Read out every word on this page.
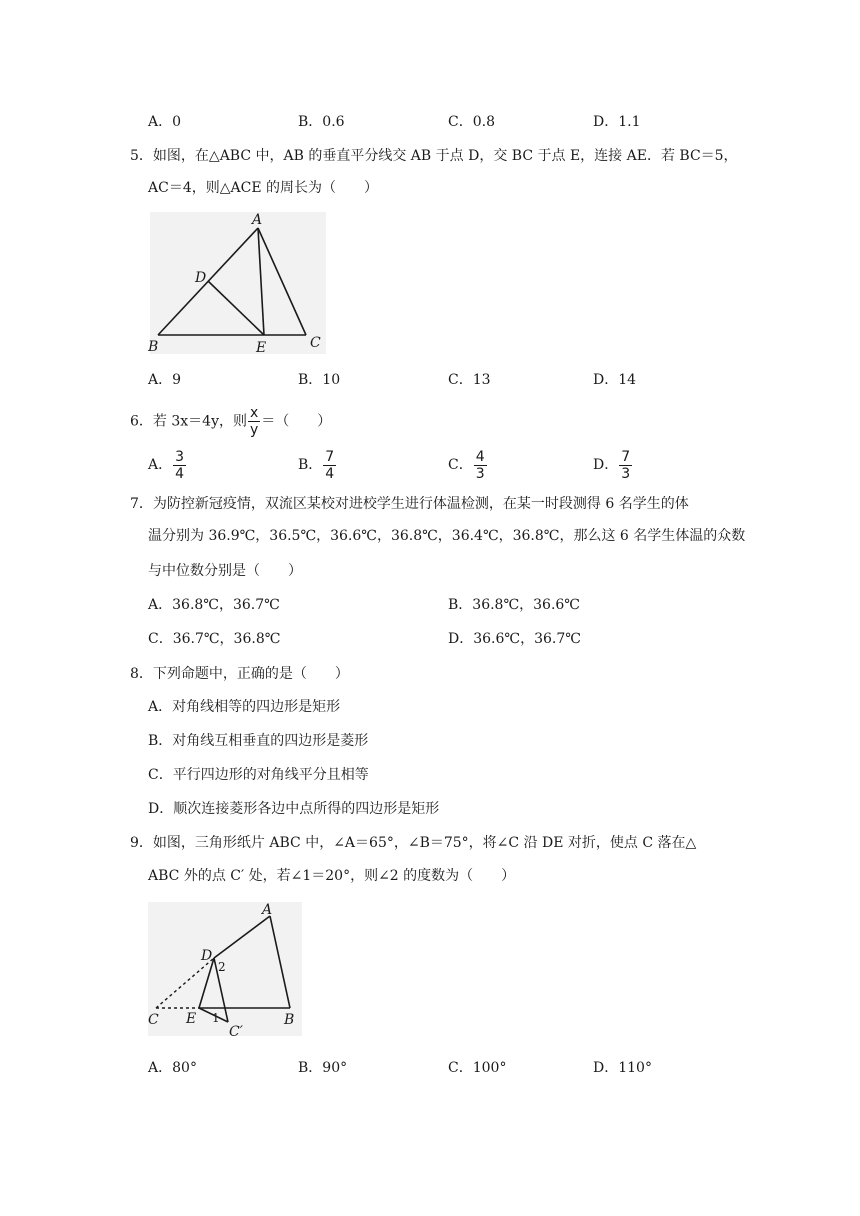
A．0	B．0.6	C．0.8	D．1.1
5．如图，在△ABC 中，AB 的垂直平分线交 AB 于点 D，交 BC 于点 E，连接 AE．若 BC＝5，
AC＝4，则△ACE 的周长为（　　）
A
D
B	E	C
A．9	B．10	C．13	D．14
6．若 3x＝4y，则 $\frac{x}{y}$ ＝（　　）
A． $\frac{3}{4}$	B． $\frac{7}{4}$	C． $\frac{4}{3}$	D． $\frac{7}{3}$
7．为防控新冠疫情，双流区某校对进校学生进行体温检测，在某一时段测得 6 名学生的体
温分别为 36.9℃，36.5℃，36.6℃，36.8℃，36.4℃，36.8℃，那么这 6 名学生体温的众数
与中位数分别是（　　）
A．36.8℃，36.7℃	B．36.8℃，36.6℃
C．36.7℃，36.8℃	D．36.6℃，36.7℃
8．下列命题中，正确的是（　　）
A．对角线相等的四边形是矩形
B．对角线互相垂直的四边形是菱形
C．平行四边形的对角线平分且相等
D．顺次连接菱形各边中点所得的四边形是矩形
9．如图，三角形纸片 ABC 中，∠A＝65°，∠B＝75°，将∠C 沿 DE 对折，使点 C 落在△
ABC 外的点 C′ 处，若∠1＝20°，则∠2 的度数为（　　）
A
D
2
C E 1
C′
B
A．80°	B．90°	C．100°	D．110°
